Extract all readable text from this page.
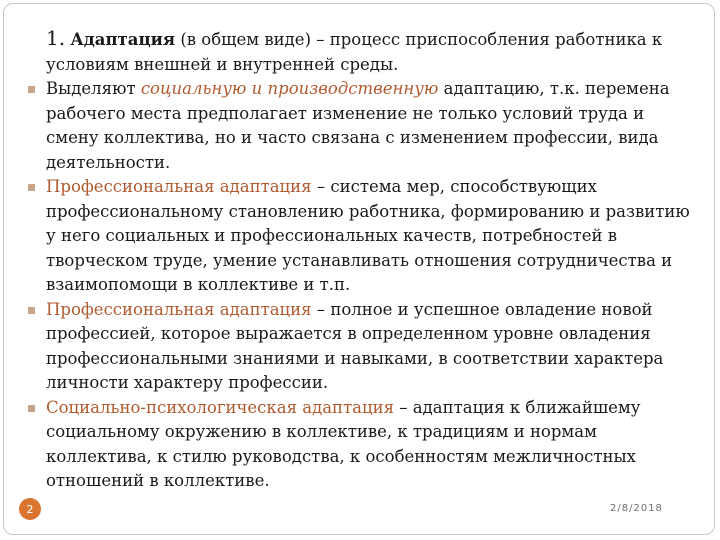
1. Адаптация (в общем виде) – процесс приспособления работника к условиям внешней и внутренней среды.
Выделяют социальную и производственную адаптацию, т.к. перемена рабочего места предполагает изменение не только условий труда и смену коллектива, но и часто связана с изменением профессии, вида деятельности.
Профессиональная адаптация – система мер, способствующих профессиональному становлению работника, формированию и развитию у него социальных и профессиональных качеств, потребностей в творческом труде, умение устанавливать отношения сотрудничества и взаимопомощи в коллективе и т.п.
Профессиональная адаптация – полное и успешное овладение новой профессией, которое выражается в определенном уровне овладения профессиональными знаниями и навыками, в соответствии характера личности характеру профессии.
Социально-психологическая адаптация – адаптация к ближайшему социальному окружению в коллективе, к традициям и нормам коллектива, к стилю руководства, к особенностям межличностных отношений в коллективе.
2	2/8/2018
